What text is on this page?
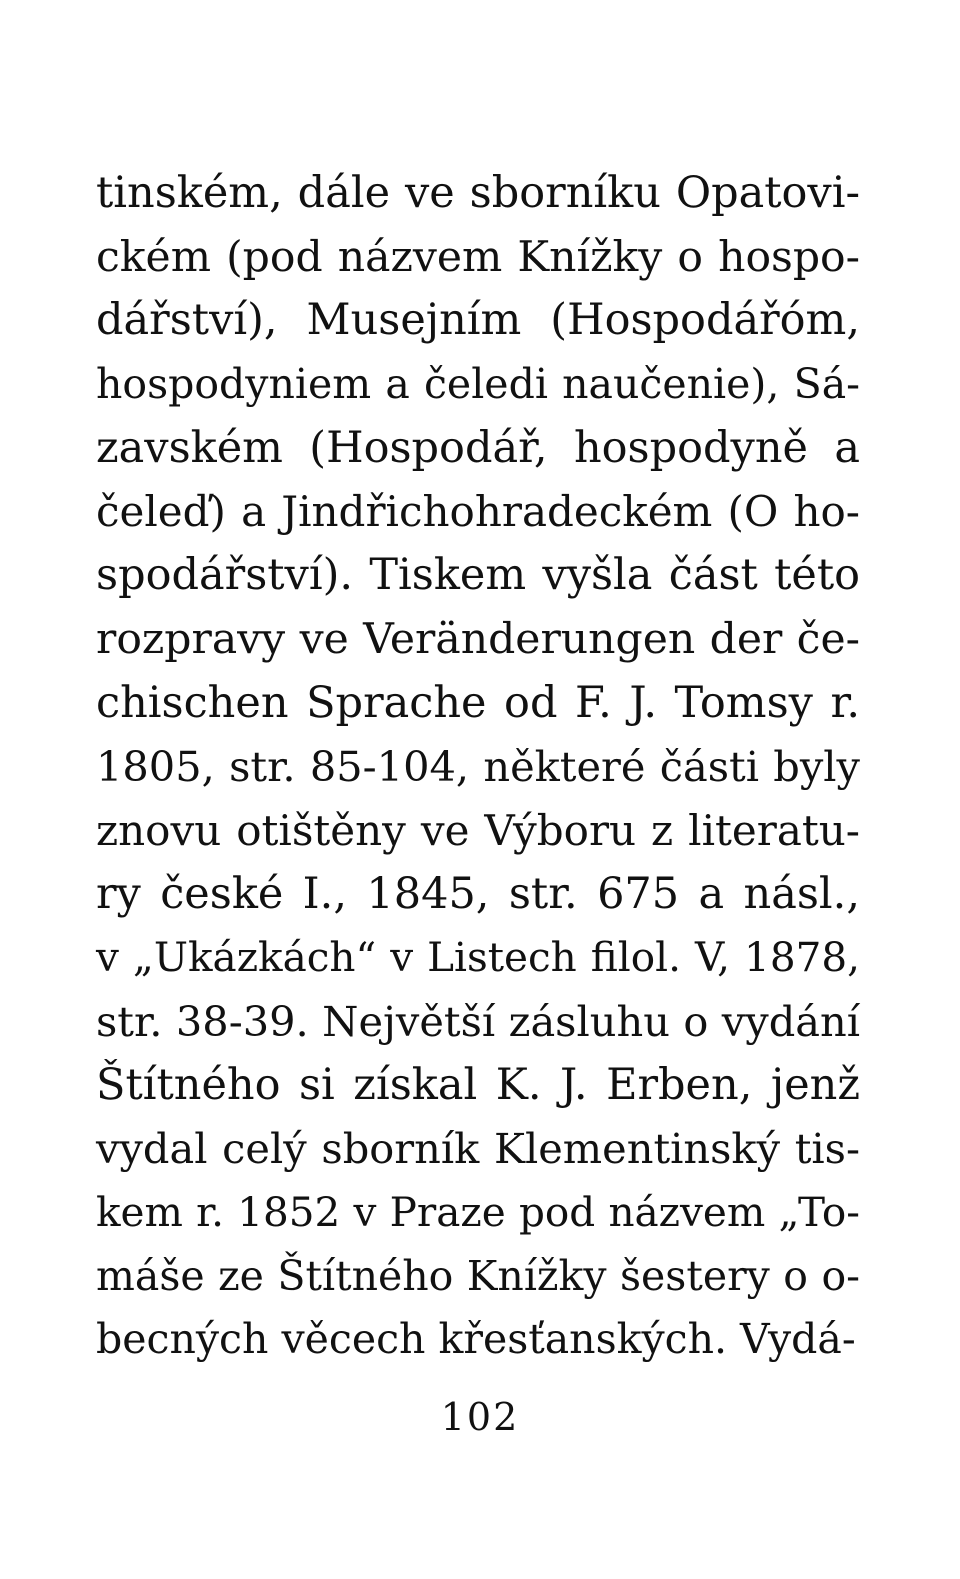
tinském, dále ve sborníku Opatovi-
ckém (pod názvem Knížky o hospo-
dářství), Musejním (Hospodářóm,
hospodyniem a čeledi naučenie), Sá-
zavském (Hospodář, hospodyně a
čeleď) a Jindřichohradeckém (O ho-
spodářství). Tiskem vyšla část této
rozpravy ve Veränderungen der če-
chischen Sprache od F. J. Tomsy r.
1805, str. 85-104, některé části byly
znovu otištěny ve Výboru z literatu-
ry české I., 1845, str. 675 a násl.,
v „Ukázkách“ v Listech filol. V, 1878,
str. 38-39. Největší zásluhu o vydání
Štítného si získal K. J. Erben, jenž
vydal celý sborník Klementinský tis-
kem r. 1852 v Praze pod názvem „To-
máše ze Štítného Knížky šestery o o-
becných věcech křesťanských. Vydá-
102
